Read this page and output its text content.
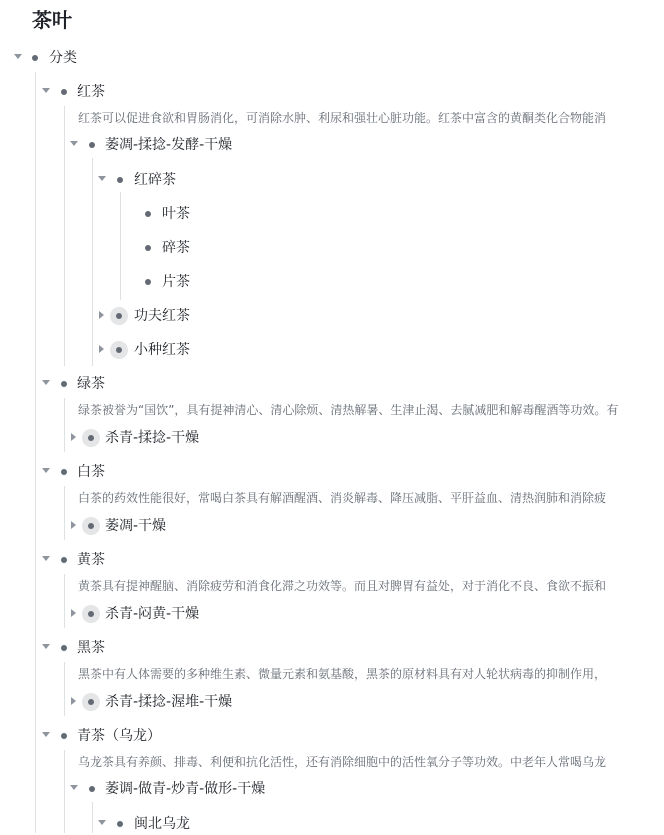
茶叶
分类
红茶
红茶可以促进食欲和胃肠消化，可消除水肿、利尿和强壮心脏功能。红茶中富含的黄酮类化合物能消
萎凋-揉捻-发酵-干燥
红碎茶
叶茶
碎茶
片茶
功夫红茶
小种红茶
绿茶
绿茶被誉为“国饮”，具有提神清心、清心除烦、清热解暑、生津止渴、去腻减肥和解毒醒酒等功效。有
杀青-揉捻-干燥
白茶
白茶的药效性能很好，常喝白茶具有解酒醒酒、消炎解毒、降压减脂、平肝益血、清热润肺和消除疲
萎凋-干燥
黄茶
黄茶具有提神醒脑、消除疲劳和消食化滞之功效等。而且对脾胃有益处，对于消化不良、食欲不振和
杀青-闷黄-干燥
黑茶
黑茶中有人体需要的多种维生素、微量元素和氨基酸，黑茶的原材料具有对人轮状病毒的抑制作用，
杀青-揉捻-渥堆-干燥
青茶（乌龙）
乌龙茶具有养颜、排毒、利便和抗化活性，还有消除细胞中的活性氧分子等功效。中老年人常喝乌龙
萎调-做青-炒青-做形-干燥
闽北乌龙
